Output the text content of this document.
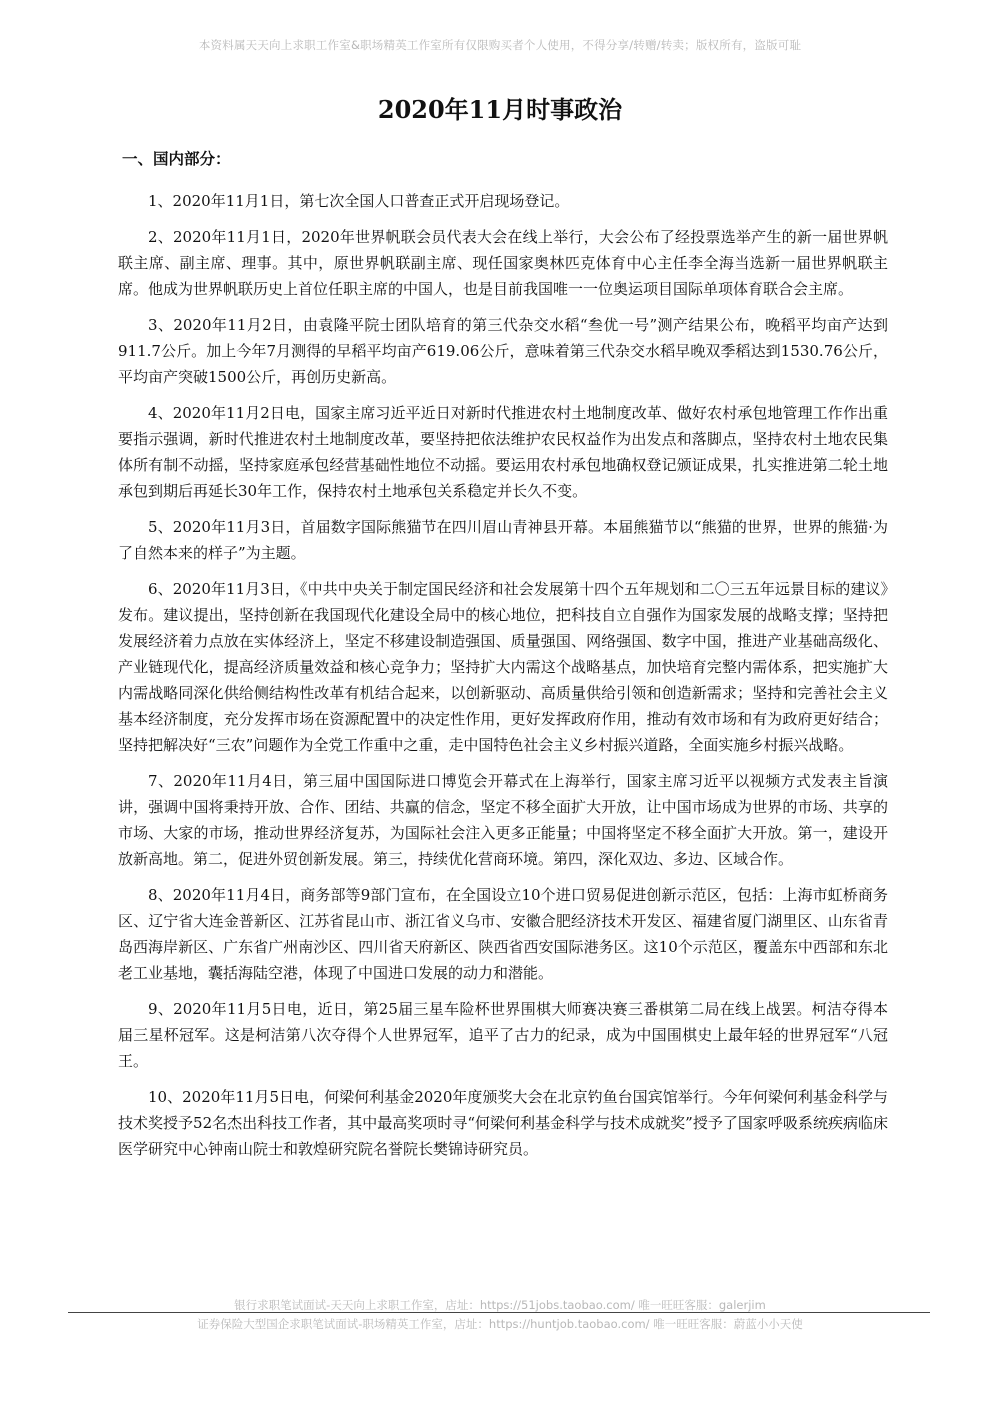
本资料属天天向上求职工作室&职场精英工作室所有仅限购买者个人使用，不得分享/转赠/转卖；版权所有，盗版可耻
2020年11月时事政治
一、国内部分：

1、2020年11月1日，第七次全国人口普查正式开启现场登记。

2、2020年11月1日，2020年世界帆联会员代表大会在线上举行，大会公布了经投票选举产生的新一届世界帆联主席、副主席、理事。其中，原世界帆联副主席、现任国家奥林匹克体育中心主任李全海当选新一届世界帆联主席。他成为世界帆联历史上首位任职主席的中国人，也是目前我国唯一一位奥运项目国际单项体育联合会主席。

3、2020年11月2日，由袁隆平院士团队培育的第三代杂交水稻“叁优一号”测产结果公布，晚稻平均亩产达到911.7公斤。加上今年7月测得的早稻平均亩产619.06公斤，意味着第三代杂交水稻早晚双季稻达到1530.76公斤，平均亩产突破1500公斤，再创历史新高。

4、2020年11月2日电，国家主席习近平近日对新时代推进农村土地制度改革、做好农村承包地管理工作作出重要指示强调，新时代推进农村土地制度改革，要坚持把依法维护农民权益作为出发点和落脚点，坚持农村土地农民集体所有制不动摇，坚持家庭承包经营基础性地位不动摇。要运用农村承包地确权登记颁证成果，扎实推进第二轮土地承包到期后再延长30年工作，保持农村土地承包关系稳定并长久不变。

5、2020年11月3日，首届数字国际熊猫节在四川眉山青神县开幕。本届熊猫节以“熊猫的世界，世界的熊猫·为了自然本来的样子”为主题。

6、2020年11月3日，《中共中央关于制定国民经济和社会发展第十四个五年规划和二〇三五年远景目标的建议》发布。建议提出，坚持创新在我国现代化建设全局中的核心地位，把科技自立自强作为国家发展的战略支撑；坚持把发展经济着力点放在实体经济上，坚定不移建设制造强国、质量强国、网络强国、数字中国，推进产业基础高级化、产业链现代化，提高经济质量效益和核心竞争力；坚持扩大内需这个战略基点，加快培育完整内需体系，把实施扩大内需战略同深化供给侧结构性改革有机结合起来，以创新驱动、高质量供给引领和创造新需求；坚持和完善社会主义基本经济制度，充分发挥市场在资源配置中的决定性作用，更好发挥政府作用，推动有效市场和有为政府更好结合；坚持把解决好“三农”问题作为全党工作重中之重，走中国特色社会主义乡村振兴道路，全面实施乡村振兴战略。

7、2020年11月4日，第三届中国国际进口博览会开幕式在上海举行，国家主席习近平以视频方式发表主旨演讲，强调中国将秉持开放、合作、团结、共赢的信念，坚定不移全面扩大开放，让中国市场成为世界的市场、共享的市场、大家的市场，推动世界经济复苏，为国际社会注入更多正能量；中国将坚定不移全面扩大开放。第一，建设开放新高地。第二，促进外贸创新发展。第三，持续优化营商环境。第四，深化双边、多边、区域合作。

8、2020年11月4日，商务部等9部门宣布，在全国设立10个进口贸易促进创新示范区，包括：上海市虹桥商务区、辽宁省大连金普新区、江苏省昆山市、浙江省义乌市、安徽合肥经济技术开发区、福建省厦门湖里区、山东省青岛西海岸新区、广东省广州南沙区、四川省天府新区、陕西省西安国际港务区。这10个示范区，覆盖东中西部和东北老工业基地，囊括海陆空港，体现了中国进口发展的动力和潜能。

9、2020年11月5日电，近日，第25届三星车险杯世界围棋大师赛决赛三番棋第二局在线上战罢。柯洁夺得本届三星杯冠军。这是柯洁第八次夺得个人世界冠军，追平了古力的纪录，成为中国围棋史上最年轻的世界冠军“八冠王。

10、2020年11月5日电，何梁何利基金2020年度颁奖大会在北京钓鱼台国宾馆举行。今年何梁何利基金科学与技术奖授予52名杰出科技工作者，其中最高奖项时寻“何梁何利基金科学与技术成就奖”授予了国家呼吸系统疾病临床医学研究中心钟南山院士和敦煌研究院名誉院长樊锦诗研究员。

银行求职笔试面试-天天向上求职工作室，店址：https://51jobs.taobao.com/ 唯一旺旺客服：galerjim
证券保险大型国企求职笔试面试-职场精英工作室，店址：https://huntjob.taobao.com/ 唯一旺旺客服：蔚蓝小小天使
